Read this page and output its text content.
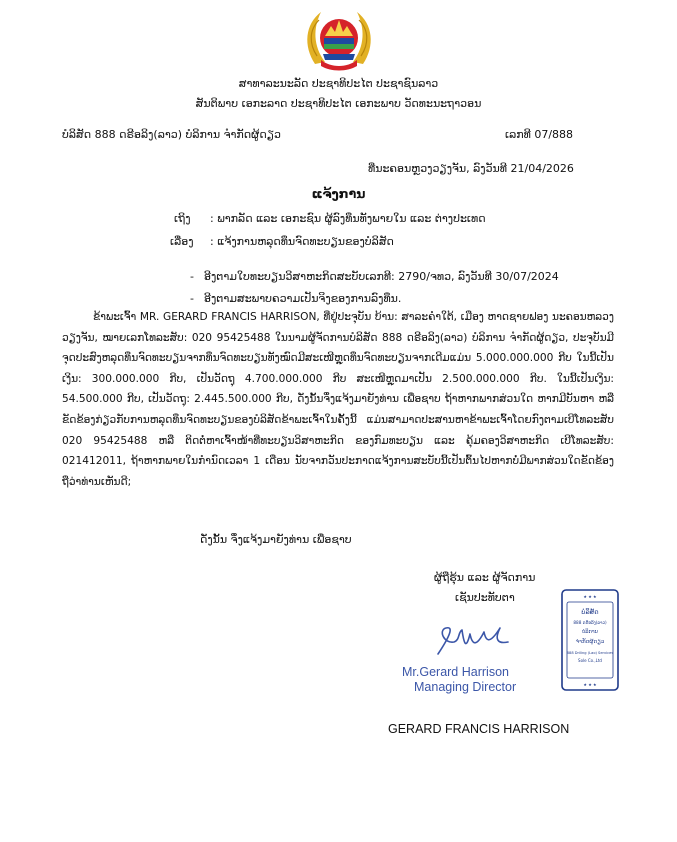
ສາທາລະນະລັດ ປະຊາທິປະໄຕ ປະຊາຊົນລາວ
ສັນຕິພາບ ເອກະລາດ ປະຊາທິປະໄຕ ເອກະພາບ ວັດທະນະຖາວອນ
ບໍລິສັດ 888 ດຣີອລິງ(ລາວ) ບໍລິການ ຈຳກັດຜູ້ດຽວ	ເລກທີ 07/888
ທີ່ນະຄອນຫຼວງວຽງຈັນ, ລົງວັນທີ 21/04/2026
ແຈ້ງການ
ເຖິງ : ພາກລັດ ແລະ ເອກະຊົນ ຜູ້ລົງທຶນທັງພາຍໃນ ແລະ ຕ່າງປະເທດ
ເລື່ອງ : ແຈ້ງການຫລຸດທຶນຈົດທະບຽນຂອງບໍລິສັດ
- ອີງຕາມໃບທະບຽນວິສາຫະກິດສະບັບເລກທີ: 2790/ຈທວ, ລົງວັນທີ 30/07/2024
- ອີງຕາມສະພາບຄວາມເປັນຈິງຂອງການລົງທຶນ.
ຂ້າພະເຈົ້າ MR. GERARD FRANCIS HARRISON, ທີ່ຢູ່ປະຈຸບັນ ບ້ານ: ສາລະຄຳໃຕ້, ເມືອງ ຫາດຊາຍຟອງ ນະຄອນຫລວງວຽງຈັນ, ໝາຍເລກໂທລະສັບ: 020 95425488 ໃນນາມຜູ້ຈັດການບໍລິສັດ 888 ດຣີອລິງ(ລາວ) ບໍລິການ ຈຳກັດຜູ້ດຽວ, ປະຈຸບັນມີຈຸດປະສົງຫລຸດທຶນຈົດທະບຽນຈາກທຶນຈົດທະບຽນທັງໝົດມີສະເໜີຫຼຸດທຶນຈົດທະບຽນຈາກເດີມແມ່ນ 5.000.000.000 ກີບ ໃນນີ້ເປັນເງິນ: 300.000.000 ກີບ, ເປັນວັດຖຸ 4.700.000.000 ກີບ ສະເໜີຫຼຸດມາເປັນ 2.500.000.000 ກີບ. ໃນນີ້ເປັນເງິນ: 54.500.000 ກີບ, ເປັນວັດຖຸ: 2.445.500.000 ກີບ, ດັ່ງນັ້ນຈຶ່ງແຈ້ງມາຍັງທ່ານ ເພື່ອຊາບ ຖ້າຫາກພາກສ່ວນໃດ ຫາກມີບັນຫາ ຫລືຂັດຂ້ອງກ່ຽວກັບການຫລຸດທຶນຈົດທະບຽນຂອງບໍລິສັດຂ້າພະເຈົ້າໃນຄັ້ງນີ້ ແມ່ນສາມາດປະສານຫາຂ້າພະເຈົ້າໂດຍກົງຕາມເບີໂທລະສັບ 020 95425488 ຫລື ຕິດຕໍ່ຫາເຈົ້າໜ້າທີ່ທະບຽນວິສາຫະກິດ ຂອງກົມທະບຽນ ແລະ ຄຸ້ມຄອງວິສາຫະກິດ ເບີໂທລະສັບ: 021412011, ຖ້າຫາກພາຍໃນກຳນົດເວລາ 1 ເດືອນ ນັບຈາກວັນປະກາດແຈ້ງການສະບັບນີ້ເປັນຕົ້ນໄປຫາກບໍ່ມີພາກສ່ວນໃດຂັດຂ້ອງຖືວ່າທ່ານເຫັນດີ;
ດັ່ງນັ້ນ ຈຶ່ງແຈ້ງມາຍັງທ່ານ ເພື່ອຊາບ
ຜູ້ຖືຮຸ້ນ ແລະ ຜູ້ຈັດການ
ເຊັນປະທັບຕາ
Mr.Gerard Harrison
Managing Director
★ ★ ★
ບໍລິສັດ
888 ດຣີອລິງ(ລາວ)
ບໍລິການ
ຈຳກັດຜູ້ດຽວ
888 Driling (Lao) Services
Sole Co.,Ltd
★ ★ ★
GERARD FRANCIS HARRISON
